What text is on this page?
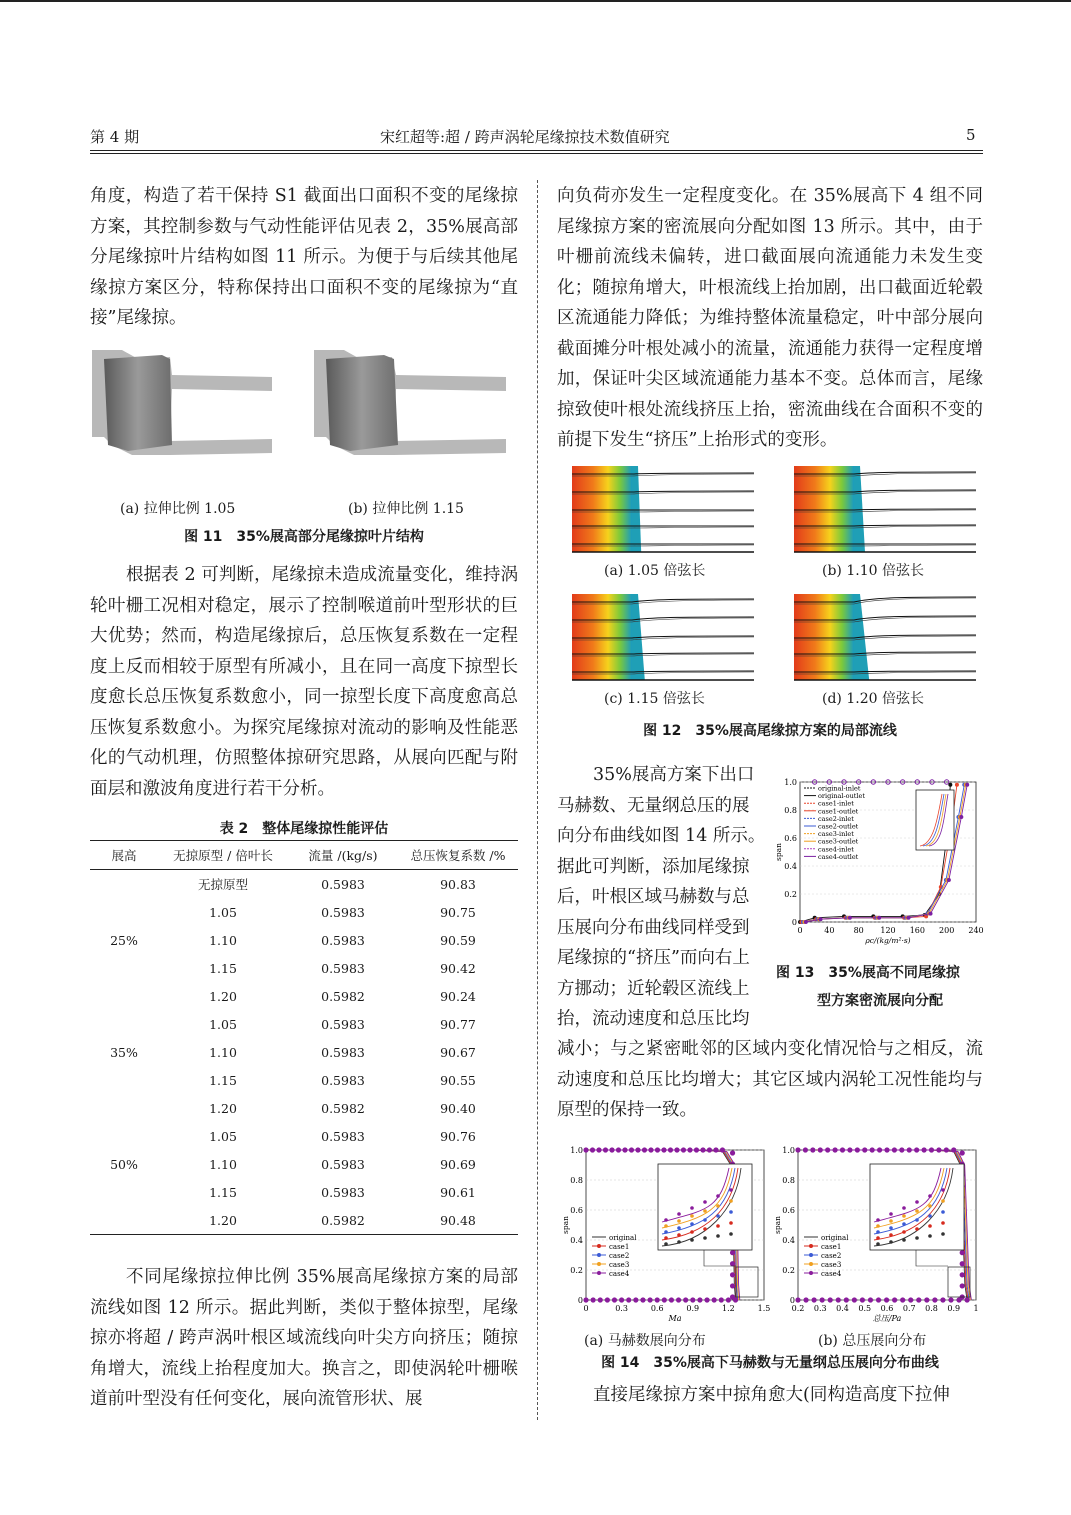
第 4 期	宋红超等:超 / 跨声涡轮尾缘掠技术数值研究	5

角度，构造了若干保持 S1 截面出口面积不变的尾缘掠方案，其控制参数与气动性能评估见表 2，35%展高部分尾缘掠叶片结构如图 11 所示。为便于与后续其他尾缘掠方案区分，特称保持出口面积不变的尾缘掠为“直接”尾缘掠。

(a) 拉伸比例 1.05	(b) 拉伸比例 1.15
图 11　35%展高部分尾缘掠叶片结构

根据表 2 可判断，尾缘掠未造成流量变化，维持涡轮叶栅工况相对稳定，展示了控制喉道前叶型形状的巨大优势；然而，构造尾缘掠后，总压恢复系数在一定程度上反而相较于原型有所减小，且在同一高度下掠型长度愈长总压恢复系数愈小，同一掠型长度下高度愈高总压恢复系数愈小。为探究尾缘掠对流动的影响及性能恶化的气动机理，仿照整体掠研究思路，从展向匹配与附面层和激波角度进行若干分析。

表 2　整体尾缘掠性能评估
展高	无掠原型 / 倍叶长	流量 /(kg/s)	总压恢复系数 /%
	无掠原型	0.5983	90.83
	1.05	0.5983	90.75
25%	1.10	0.5983	90.59
	1.15	0.5983	90.42
	1.20	0.5982	90.24
	1.05	0.5983	90.77
35%	1.10	0.5983	90.67
	1.15	0.5983	90.55
	1.20	0.5982	90.40
	1.05	0.5983	90.76
50%	1.10	0.5983	90.69
	1.15	0.5983	90.61
	1.20	0.5982	90.48

不同尾缘掠拉伸比例 35%展高尾缘掠方案的局部流线如图 12 所示。据此判断，类似于整体掠型，尾缘掠亦将超 / 跨声涡叶根区域流线向叶尖方向挤压；随掠角增大，流线上抬程度加大。换言之，即使涡轮叶栅喉道前叶型没有任何变化，展向流管形状、展

向负荷亦发生一定程度变化。在 35%展高下 4 组不同尾缘掠方案的密流展向分配如图 13 所示。其中，由于叶栅前流线未偏转，进口截面展向流通能力未发生变化；随掠角增大，叶根流线上抬加剧，出口截面近轮毂区流通能力降低；为维持整体流量稳定，叶中部分展向截面摊分叶根处减小的流量，流通能力获得一定程度增加，保证叶尖区域流通能力基本不变。总体而言，尾缘掠致使叶根处流线挤压上抬，密流曲线在合面积不变的前提下发生“挤压”上抬形式的变形。

(a) 1.05 倍弦长	(b) 1.10 倍弦长
(c) 1.15 倍弦长	(d) 1.20 倍弦长
图 12　35%展高尾缘掠方案的局部流线
35%展高方案下出口
马赫数、无量纲总压的展
向分布曲线如图 14 所示。
据此可判断，添加尾缘掠
后，叶根区域马赫数与总
压展向分布曲线同样受到
尾缘掠的“挤压”而向右上
方挪动；近轮毂区流线上
抬，流动速度和总压比均
0	40 80 120 160 200 240
0
0.2
0.4
0.6
0.8
1.0
ρc/(kg/m²·s)
span
original-inlet
original-outlet
case1-inlet
case1-outlet
case2-inlet
case2-outlet
case3-inlet
case3-outlet
case4-inlet
case4-outlet
图 13　35%展高不同尾缘掠
型方案密流展向分配

减小；与之紧密毗邻的区域内变化情况恰与之相反，流动速度和总压比均增大；其它区域内涡轮工况性能均与原型的保持一致。

0
0.2
0.4
0.6
0.8
1.0
0	0.3	0.6	0.9	1.2	1.5
Ma
span
original
case1
case2
case3
case4
0
0.2
0.4
0.6
0.8
1.0
0.2 0.3 0.4 0.5 0.6 0.7 0.8 0.9 1
总压/Pa
span
original
case1
case2
case3
case4
(a) 马赫数展向分布	(b) 总压展向分布
图 14　35%展高下马赫数与无量纲总压展向分布曲线

直接尾缘掠方案中掠角愈大(同构造高度下拉伸
